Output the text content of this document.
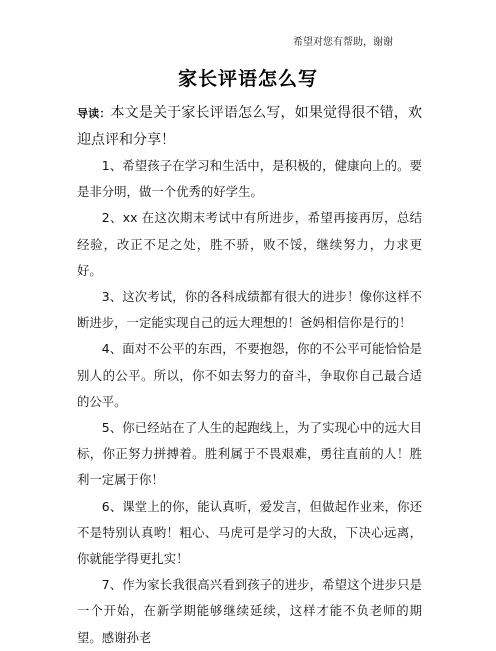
希望对您有帮助，谢谢
家长评语怎么写

导读：本文是关于家长评语怎么写，如果觉得很不错，欢迎点评和分享！

1、希望孩子在学习和生活中，是积极的，健康向上的。要是非分明，做一个优秀的好学生。

2、xx 在这次期末考试中有所进步，希望再接再厉，总结经验，改正不足之处，胜不骄，败不馁，继续努力，力求更好。

3、这次考试，你的各科成绩都有很大的进步！像你这样不断进步，一定能实现自己的远大理想的！爸妈相信你是行的！

4、面对不公平的东西，不要抱怨，你的不公平可能恰恰是别人的公平。所以，你不如去努力的奋斗，争取你自己最合适的公平。

5、你已经站在了人生的起跑线上，为了实现心中的远大目标，你正努力拼搏着。胜利属于不畏艰难，勇往直前的人！胜利一定属于你！

6、课堂上的你，能认真听，爱发言，但做起作业来，你还不是特别认真哟！粗心、马虎可是学习的大敌，下决心远离，你就能学得更扎实！

7、作为家长我很高兴看到孩子的进步，希望这个进步只是一个开始，在新学期能够继续延续，这样才能不负老师的期望。感谢孙老
